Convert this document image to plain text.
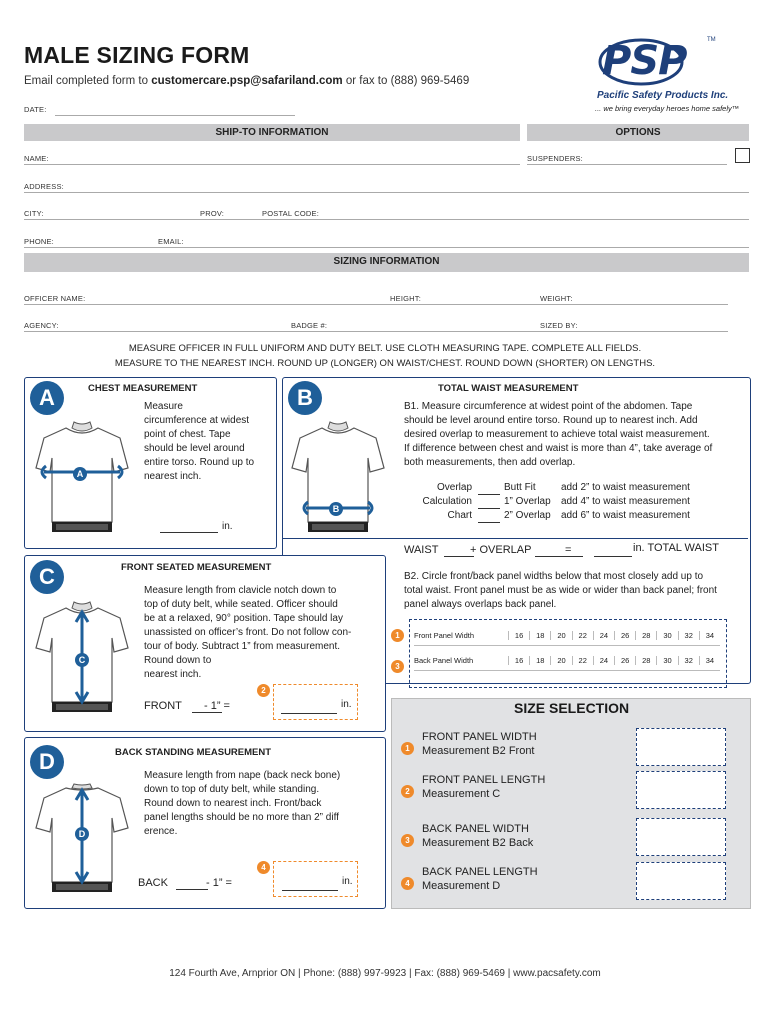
MALE SIZING FORM
Email completed form to customercare.psp@safariland.com or fax to (888) 969-5469
DATE:
PSP	TM
Pacific Safety Products Inc.
... we bring everyday heroes home safely™
SHIP-TO INFORMATION	OPTIONS
NAME:	SUSPENDERS:
ADDRESS:
CITY:	PROV:	POSTAL CODE:
PHONE:	EMAIL:
SIZING INFORMATION
OFFICER NAME:	HEIGHT:	WEIGHT:
AGENCY:	BADGE #:	SIZED BY:
MEASURE OFFICER IN FULL UNIFORM AND DUTY BELT. USE CLOTH MEASURING TAPE. COMPLETE ALL FIELDS.
MEASURE TO THE NEAREST INCH. ROUND UP (LONGER) ON WAIST/CHEST. ROUND DOWN (SHORTER) ON LENGTHS.
A	CHEST MEASUREMENT
Measure
circumference at widest
point of chest. Tape
should be level around
entire torso. Round up to
nearest inch.
A
in.
B	TOTAL WAIST MEASUREMENT
B1. Measure circumference at widest point of the abdomen. Tape
should be level around entire torso. Round up to nearest inch. Add
desired overlap to measurement to achieve total waist measurement.
If difference between chest and waist is more than 4”, take average of
both measurements, then add overlap.
B
Overlap
Calculation
Chart
Butt Fit	add 2” to waist measurement
1” Overlap	add 4” to waist measurement
2” Overlap	add 6” to waist measurement
WAIST	+ OVERLAP	=	in. TOTAL WAIST
B2. Circle front/back panel widths below that most closely add up to
total waist. Front panel must be as wide or wider than back panel; front
panel always overlaps back panel.
1
3
Front Panel Width	16	18	20	22	24	26	28	30	32	34
Back Panel Width	16	18	20	22	24	26	28	30	32	34
C	FRONT SEATED MEASUREMENT
Measure length from clavicle notch down to
top of duty belt, while seated. Officer should
be at a relaxed, 90° position. Tape should lay
unassisted on officer’s front. Do not follow con-
tour of body. Subtract 1” from measurement.
Round down to
nearest inch.
C
FRONT - 1” =
2
in.
D	BACK STANDING MEASUREMENT
Measure length from nape (back neck bone)
down to top of duty belt, while standing.
Round down to nearest inch. Front/back
panel lengths should be no more than 2” diff
erence.
D
BACK	- 1” =
4
in.
SIZE SELECTION
1
FRONT PANEL WIDTH
Measurement B2 Front
2
FRONT PANEL LENGTH
Measurement C
3
BACK PANEL WIDTH
Measurement B2 Back
4
BACK PANEL LENGTH
Measurement D
124 Fourth Ave, Arnprior ON | Phone: (888) 997-9923 | Fax: (888) 969-5469 | www.pacsafety.com
